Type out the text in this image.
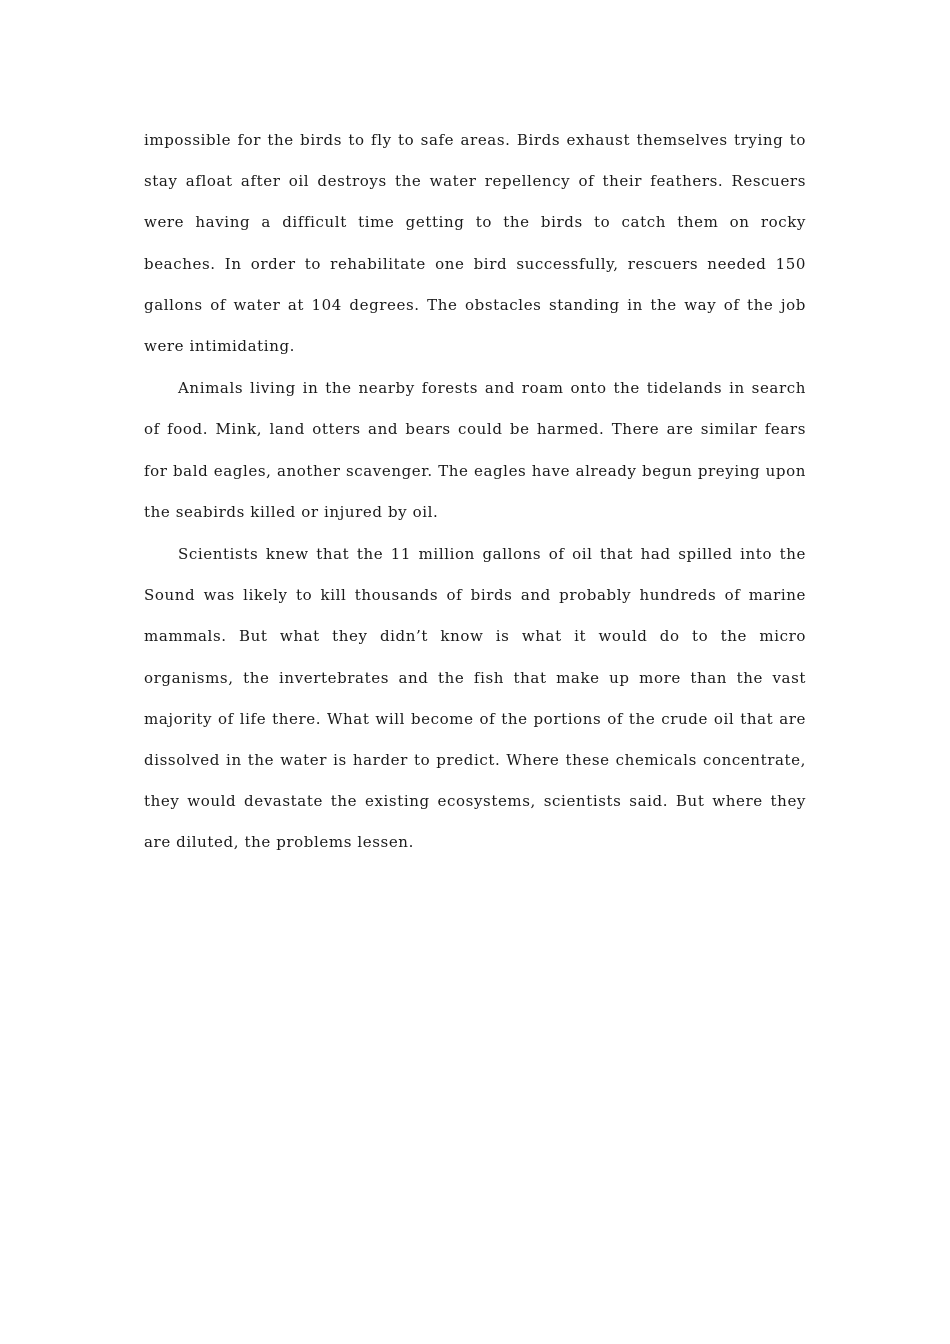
impossible for the birds to fly to safe areas. Birds exhaust themselves trying to stay afloat after oil destroys the water repellency of their feathers. Rescuers were having a difficult time getting to the birds to catch them on rocky beaches. In order to rehabilitate one bird successfully, rescuers needed 150 gallons of water at 104 degrees. The obstacles standing in the way of the job were intimidating.

Animals living in the nearby forests and roam onto the tidelands in search of food. Mink, land otters and bears could be harmed. There are similar fears for bald eagles, another scavenger. The eagles have already begun preying upon the seabirds killed or injured by oil.

Scientists knew that the 11 million gallons of oil that had spilled into the Sound was likely to kill thousands of birds and probably hundreds of marine mammals. But what they didn’t know is what it would do to the micro organisms, the invertebrates and the fish that make up more than the vast majority of life there. What will become of the portions of the crude oil that are dissolved in the water is harder to predict. Where these chemicals concentrate, they would devastate the existing ecosystems, scientists said. But where they are diluted, the problems lessen.
